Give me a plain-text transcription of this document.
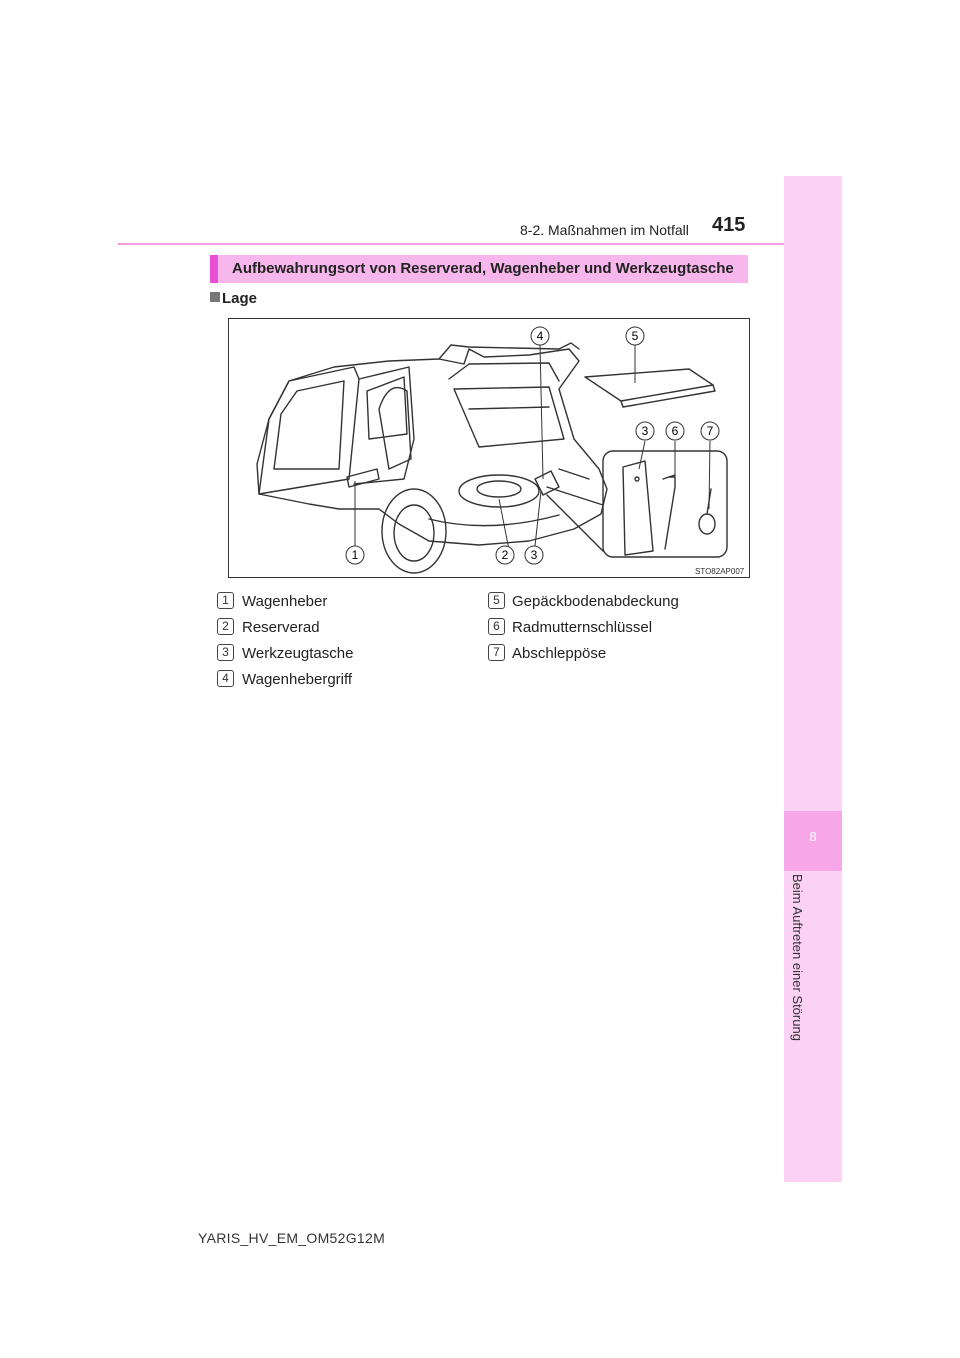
8-2. Maßnahmen im Notfall 415
8
Beim Auftreten einer Störung
Aufbewahrungsort von Reserverad, Wagenheber und Werkzeugtasche
Lage
1	2 3
4	5
3 6 7
STO82AP007
1 Wagenheber
2 Reserverad
3 Werkzeugtasche
4 Wagenhebergriff
5 Gepäckbodenabdeckung
6 Radmutternschlüssel
7 Abschleppöse
YARIS_HV_EM_OM52G12M
